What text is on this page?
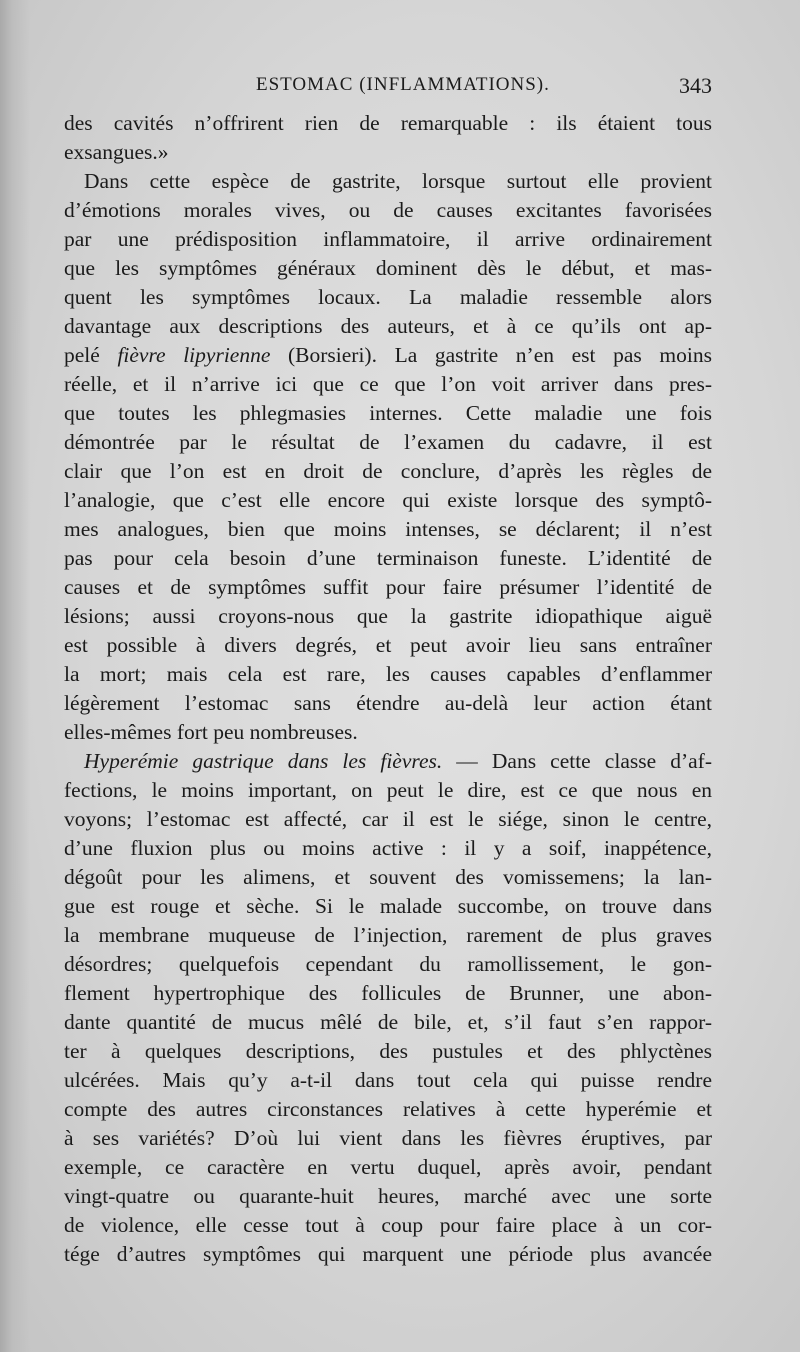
ESTOMAC (INFLAMMATIONS).	343
des cavités n’offrirent rien de remarquable : ils étaient tous
exsangues.»
Dans cette espèce de gastrite, lorsque surtout elle provient
d’émotions morales vives, ou de causes excitantes favorisées
par une prédisposition inflammatoire, il arrive ordinairement
que les symptômes généraux dominent dès le début, et mas-
quent les symptômes locaux. La maladie ressemble alors
davantage aux descriptions des auteurs, et à ce qu’ils ont ap-
pelé fièvre lipyrienne (Borsieri). La gastrite n’en est pas moins
réelle, et il n’arrive ici que ce que l’on voit arriver dans pres-
que toutes les phlegmasies internes. Cette maladie une fois
démontrée par le résultat de l’examen du cadavre, il est
clair que l’on est en droit de conclure, d’après les règles de
l’analogie, que c’est elle encore qui existe lorsque des symptô-
mes analogues, bien que moins intenses, se déclarent; il n’est
pas pour cela besoin d’une terminaison funeste. L’identité de
causes et de symptômes suffit pour faire présumer l’identité de
lésions; aussi croyons-nous que la gastrite idiopathique aiguë
est possible à divers degrés, et peut avoir lieu sans entraîner
la mort; mais cela est rare, les causes capables d’enflammer
légèrement l’estomac sans étendre au-delà leur action étant
elles-mêmes fort peu nombreuses.
Hyperémie gastrique dans les fièvres. — Dans cette classe d’af-
fections, le moins important, on peut le dire, est ce que nous en
voyons; l’estomac est affecté, car il est le siége, sinon le centre,
d’une fluxion plus ou moins active : il y a soif, inappétence,
dégoût pour les alimens, et souvent des vomissemens; la lan-
gue est rouge et sèche. Si le malade succombe, on trouve dans
la membrane muqueuse de l’injection, rarement de plus graves
désordres; quelquefois cependant du ramollissement, le gon-
flement hypertrophique des follicules de Brunner, une abon-
dante quantité de mucus mêlé de bile, et, s’il faut s’en rappor-
ter à quelques descriptions, des pustules et des phlyctènes
ulcérées. Mais qu’y a-t-il dans tout cela qui puisse rendre
compte des autres circonstances relatives à cette hyperémie et
à ses variétés? D’où lui vient dans les fièvres éruptives, par
exemple, ce caractère en vertu duquel, après avoir, pendant
vingt-quatre ou quarante-huit heures, marché avec une sorte
de violence, elle cesse tout à coup pour faire place à un cor-
tége d’autres symptômes qui marquent une période plus avancée
